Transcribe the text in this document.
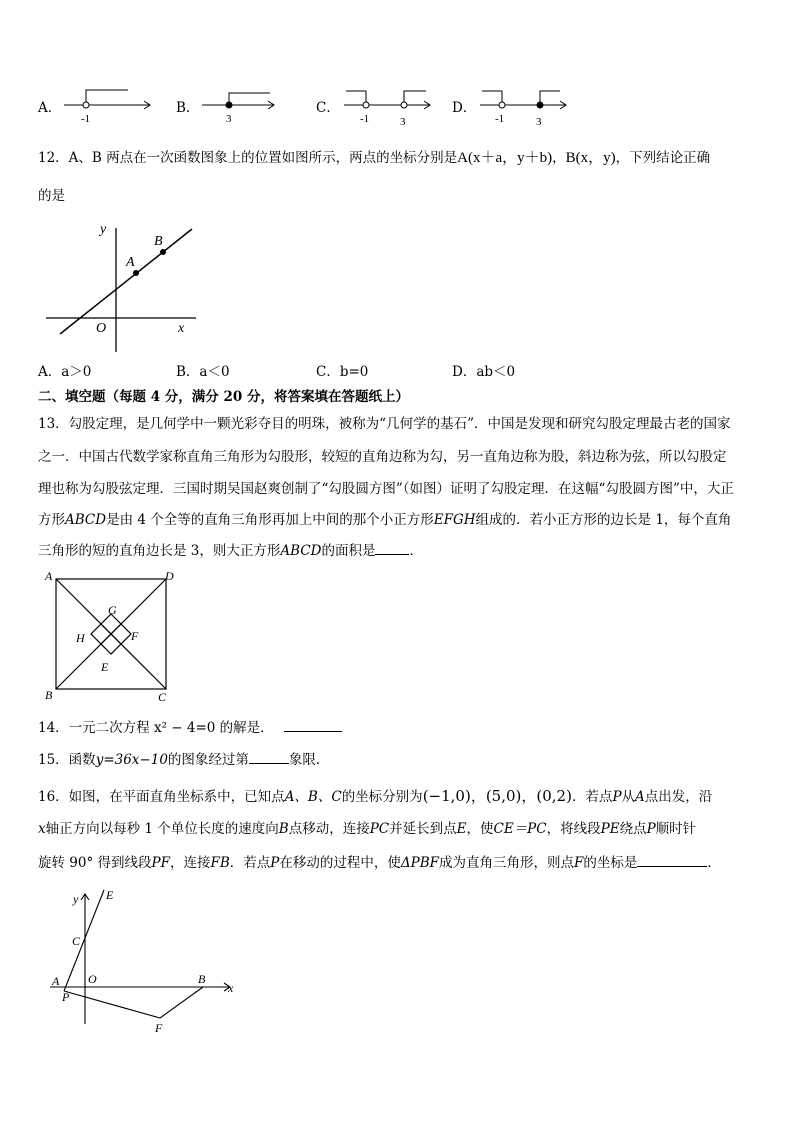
A．
-1
B．
3
C．
-1	3
D．
-1	3
12．A、B 两点在一次函数图象上的位置如图所示，两点的坐标分别是A(x＋a，y＋b)，B(x，y)，下列结论正确
的是
y
x
O
A
B
A．a＞0	B．a＜0	C．b=0	D．ab＜0
二、填空题（每题 4 分，满分 20 分，将答案填在答题纸上）
13．勾股定理，是几何学中一颗光彩夺目的明珠，被称为“几何学的基石”．中国是发现和研究勾股定理最古老的国家
之一．中国古代数学家称直角三角形为勾股形，较短的直角边称为勾，另一直角边称为股，斜边称为弦，所以勾股定
理也称为勾股弦定理．三国时期吴国赵爽创制了“勾股圆方图”（如图）证明了勾股定理．在这幅“勾股圆方图”中，大正
方形ABCD是由 4 个全等的直角三角形再加上中间的那个小正方形EFGH组成的．若小正方形的边长是 1，每个直角
三角形的短的直角边长是 3，则大正方形ABCD的面积是	．
A	D
G
H	F
E
B	C
14．一元二次方程 x² − 4=0 的解是．
15．函数y=36x−10的图象经过第	象限．
16．如图，在平面直角坐标系中，已知点A、B、C的坐标分别为(−1,0)，(5,0)，(0,2)．若点P从A点出发，沿
x轴正方向以每秒 1 个单位长度的速度向B点移动，连接PC并延长到点E，使CE＝PC，将线段PE绕点P顺时针
旋转 90° 得到线段PF，连接FB．若点P在移动的过程中，使ΔPBF成为直角三角形，则点F的坐标是	．
y E
C
A O
P
B
x
F
